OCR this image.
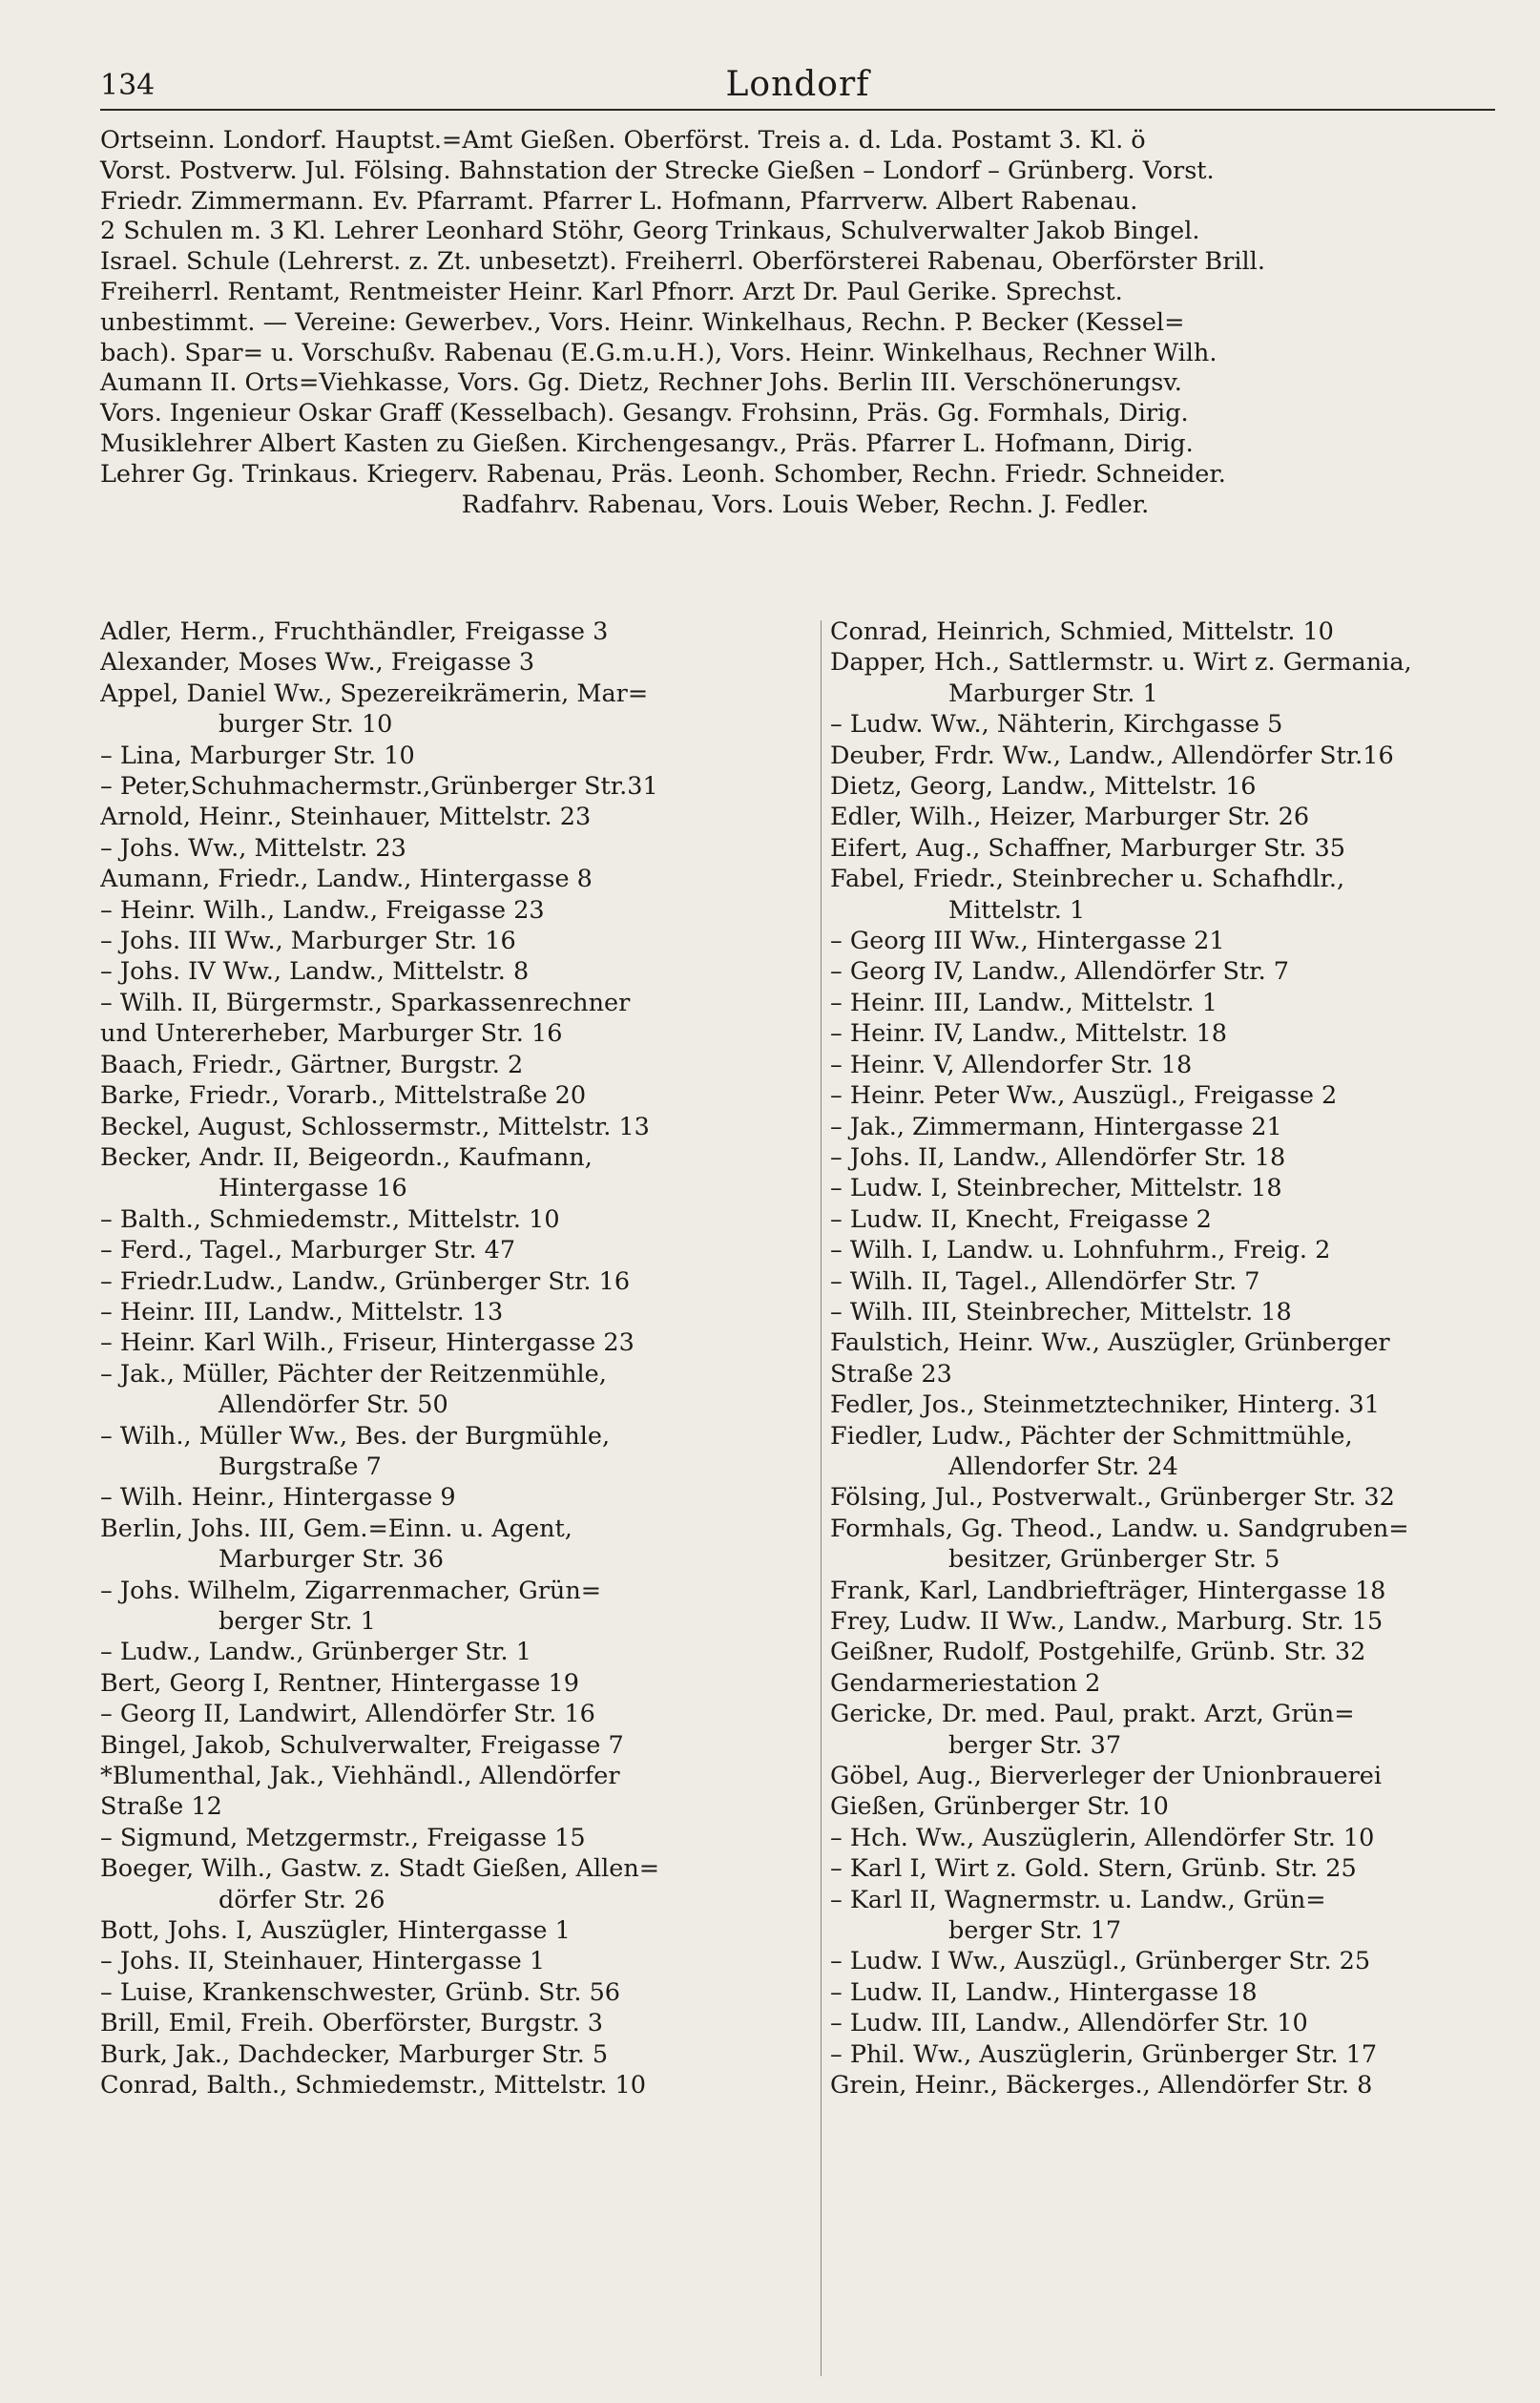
134	Londorf
Ortseinn. Londorf. Hauptst.=Amt Gießen. Oberförst. Treis a. d. Lda. Postamt 3. Kl. ö
Vorst. Postverw. Jul. Fölsing. Bahnstation der Strecke Gießen – Londorf – Grünberg. Vorst.
Friedr. Zimmermann. Ev. Pfarramt. Pfarrer L. Hofmann, Pfarrverw. Albert Rabenau.
2 Schulen m. 3 Kl. Lehrer Leonhard Stöhr, Georg Trinkaus, Schulverwalter Jakob Bingel.
Israel. Schule (Lehrerst. z. Zt. unbesetzt). Freiherrl. Oberförsterei Rabenau, Oberförster Brill.
Freiherrl. Rentamt, Rentmeister Heinr. Karl Pfnorr. Arzt Dr. Paul Gerike. Sprechst.
unbestimmt. — Vereine: Gewerbev., Vors. Heinr. Winkelhaus, Rechn. P. Becker (Kessel=
bach). Spar= u. Vorschußv. Rabenau (E.G.m.u.H.), Vors. Heinr. Winkelhaus, Rechner Wilh.
Aumann II. Orts=Viehkasse, Vors. Gg. Dietz, Rechner Johs. Berlin III. Verschönerungsv.
Vors. Ingenieur Oskar Graff (Kesselbach). Gesangv. Frohsinn, Präs. Gg. Formhals, Dirig.
Musiklehrer Albert Kasten zu Gießen. Kirchengesangv., Präs. Pfarrer L. Hofmann, Dirig.
Lehrer Gg. Trinkaus. Kriegerv. Rabenau, Präs. Leonh. Schomber, Rechn. Friedr. Schneider.
Radfahrv. Rabenau, Vors. Louis Weber, Rechn. J. Fedler.
Adler, Herm., Fruchthändler, Freigasse 3
Alexander, Moses Ww., Freigasse 3
Appel, Daniel Ww., Spezereikrämerin, Mar=
burger Str. 10
– Lina, Marburger Str. 10
– Peter,Schuhmachermstr.,Grünberger Str.31
Arnold, Heinr., Steinhauer, Mittelstr. 23
– Johs. Ww., Mittelstr. 23
Aumann, Friedr., Landw., Hintergasse 8
– Heinr. Wilh., Landw., Freigasse 23
– Johs. III Ww., Marburger Str. 16
– Johs. IV Ww., Landw., Mittelstr. 8
– Wilh. II, Bürgermstr., Sparkassenrechner
und Untererheber, Marburger Str. 16
Baach, Friedr., Gärtner, Burgstr. 2
Barke, Friedr., Vorarb., Mittelstraße 20
Beckel, August, Schlossermstr., Mittelstr. 13
Becker, Andr. II, Beigeordn., Kaufmann,
Hintergasse 16
– Balth., Schmiedemstr., Mittelstr. 10
– Ferd., Tagel., Marburger Str. 47
– Friedr.Ludw., Landw., Grünberger Str. 16
– Heinr. III, Landw., Mittelstr. 13
– Heinr. Karl Wilh., Friseur, Hintergasse 23
– Jak., Müller, Pächter der Reitzenmühle,
Allendörfer Str. 50
– Wilh., Müller Ww., Bes. der Burgmühle,
Burgstraße 7
– Wilh. Heinr., Hintergasse 9
Berlin, Johs. III, Gem.=Einn. u. Agent,
Marburger Str. 36
– Johs. Wilhelm, Zigarrenmacher, Grün=
berger Str. 1
– Ludw., Landw., Grünberger Str. 1
Bert, Georg I, Rentner, Hintergasse 19
– Georg II, Landwirt, Allendörfer Str. 16
Bingel, Jakob, Schulverwalter, Freigasse 7
*Blumenthal, Jak., Viehhändl., Allendörfer
Straße 12
– Sigmund, Metzgermstr., Freigasse 15
Boeger, Wilh., Gastw. z. Stadt Gießen, Allen=
dörfer Str. 26
Bott, Johs. I, Auszügler, Hintergasse 1
– Johs. II, Steinhauer, Hintergasse 1
– Luise, Krankenschwester, Grünb. Str. 56
Brill, Emil, Freih. Oberförster, Burgstr. 3
Burk, Jak., Dachdecker, Marburger Str. 5
Conrad, Balth., Schmiedemstr., Mittelstr. 10
Conrad, Heinrich, Schmied, Mittelstr. 10
Dapper, Hch., Sattlermstr. u. Wirt z. Germania,
Marburger Str. 1
– Ludw. Ww., Nähterin, Kirchgasse 5
Deuber, Frdr. Ww., Landw., Allendörfer Str.16
Dietz, Georg, Landw., Mittelstr. 16
Edler, Wilh., Heizer, Marburger Str. 26
Eifert, Aug., Schaffner, Marburger Str. 35
Fabel, Friedr., Steinbrecher u. Schafhdlr.,
Mittelstr. 1
– Georg III Ww., Hintergasse 21
– Georg IV, Landw., Allendörfer Str. 7
– Heinr. III, Landw., Mittelstr. 1
– Heinr. IV, Landw., Mittelstr. 18
– Heinr. V, Allendorfer Str. 18
– Heinr. Peter Ww., Auszügl., Freigasse 2
– Jak., Zimmermann, Hintergasse 21
– Johs. II, Landw., Allendörfer Str. 18
– Ludw. I, Steinbrecher, Mittelstr. 18
– Ludw. II, Knecht, Freigasse 2
– Wilh. I, Landw. u. Lohnfuhrm., Freig. 2
– Wilh. II, Tagel., Allendörfer Str. 7
– Wilh. III, Steinbrecher, Mittelstr. 18
Faulstich, Heinr. Ww., Auszügler, Grünberger
Straße 23
Fedler, Jos., Steinmetztechniker, Hinterg. 31
Fiedler, Ludw., Pächter der Schmittmühle,
Allendorfer Str. 24
Fölsing, Jul., Postverwalt., Grünberger Str. 32
Formhals, Gg. Theod., Landw. u. Sandgruben=
besitzer, Grünberger Str. 5
Frank, Karl, Landbriefträger, Hintergasse 18
Frey, Ludw. II Ww., Landw., Marburg. Str. 15
Geißner, Rudolf, Postgehilfe, Grünb. Str. 32
Gendarmeriestation 2
Gericke, Dr. med. Paul, prakt. Arzt, Grün=
berger Str. 37
Göbel, Aug., Bierverleger der Unionbrauerei
Gießen, Grünberger Str. 10
– Hch. Ww., Auszüglerin, Allendörfer Str. 10
– Karl I, Wirt z. Gold. Stern, Grünb. Str. 25
– Karl II, Wagnermstr. u. Landw., Grün=
berger Str. 17
– Ludw. I Ww., Auszügl., Grünberger Str. 25
– Ludw. II, Landw., Hintergasse 18
– Ludw. III, Landw., Allendörfer Str. 10
– Phil. Ww., Auszüglerin, Grünberger Str. 17
Grein, Heinr., Bäckerges., Allendörfer Str. 8
